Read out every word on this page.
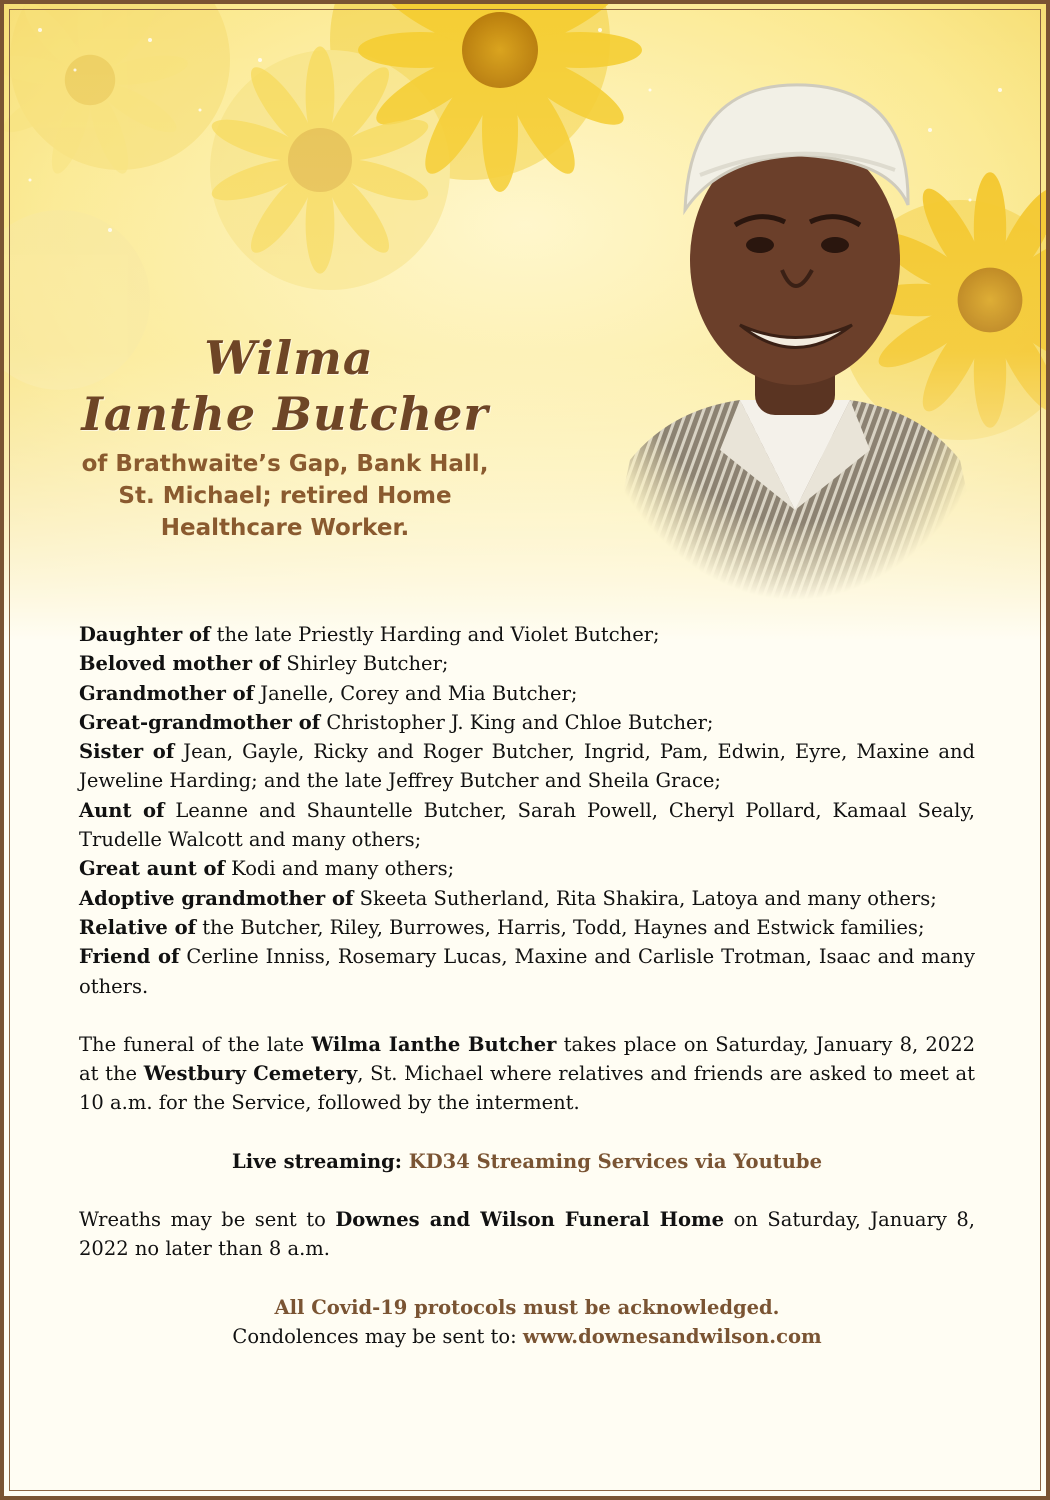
Wilma
Ianthe Butcher
of Brathwaite’s Gap, Bank Hall,
St. Michael; retired Home
Healthcare Worker.

Daughter of the late Priestly Harding and Violet Butcher;

Beloved mother of Shirley Butcher;

Grandmother of Janelle, Corey and Mia Butcher;

Great-grandmother of Christopher J. King and Chloe Butcher;

Sister of Jean, Gayle, Ricky and Roger Butcher, Ingrid, Pam, Edwin, Eyre, Maxine and Jeweline Harding; and the late Jeffrey Butcher and Sheila Grace;

Aunt of Leanne and Shauntelle Butcher, Sarah Powell, Cheryl Pollard, Kamaal Sealy, Trudelle Walcott and many others;

Great aunt of Kodi and many others;

Adoptive grandmother of Skeeta Sutherland, Rita Shakira, Latoya and many others;

Relative of the Butcher, Riley, Burrowes, Harris, Todd, Haynes and Estwick families;

Friend of Cerline Inniss, Rosemary Lucas, Maxine and Carlisle Trotman, Isaac and many others.

The funeral of the late Wilma Ianthe Butcher takes place on Saturday, January 8, 2022 at the Westbury Cemetery, St. Michael where relatives and friends are asked to meet at 10 a.m. for the Service, followed by the interment.

Live streaming: KD34 Streaming Services via Youtube

Wreaths may be sent to Downes and Wilson Funeral Home on Saturday, January 8, 2022 no later than 8 a.m.

All Covid-19 protocols must be acknowledged.
Condolences may be sent to: www.downesandwilson.com
